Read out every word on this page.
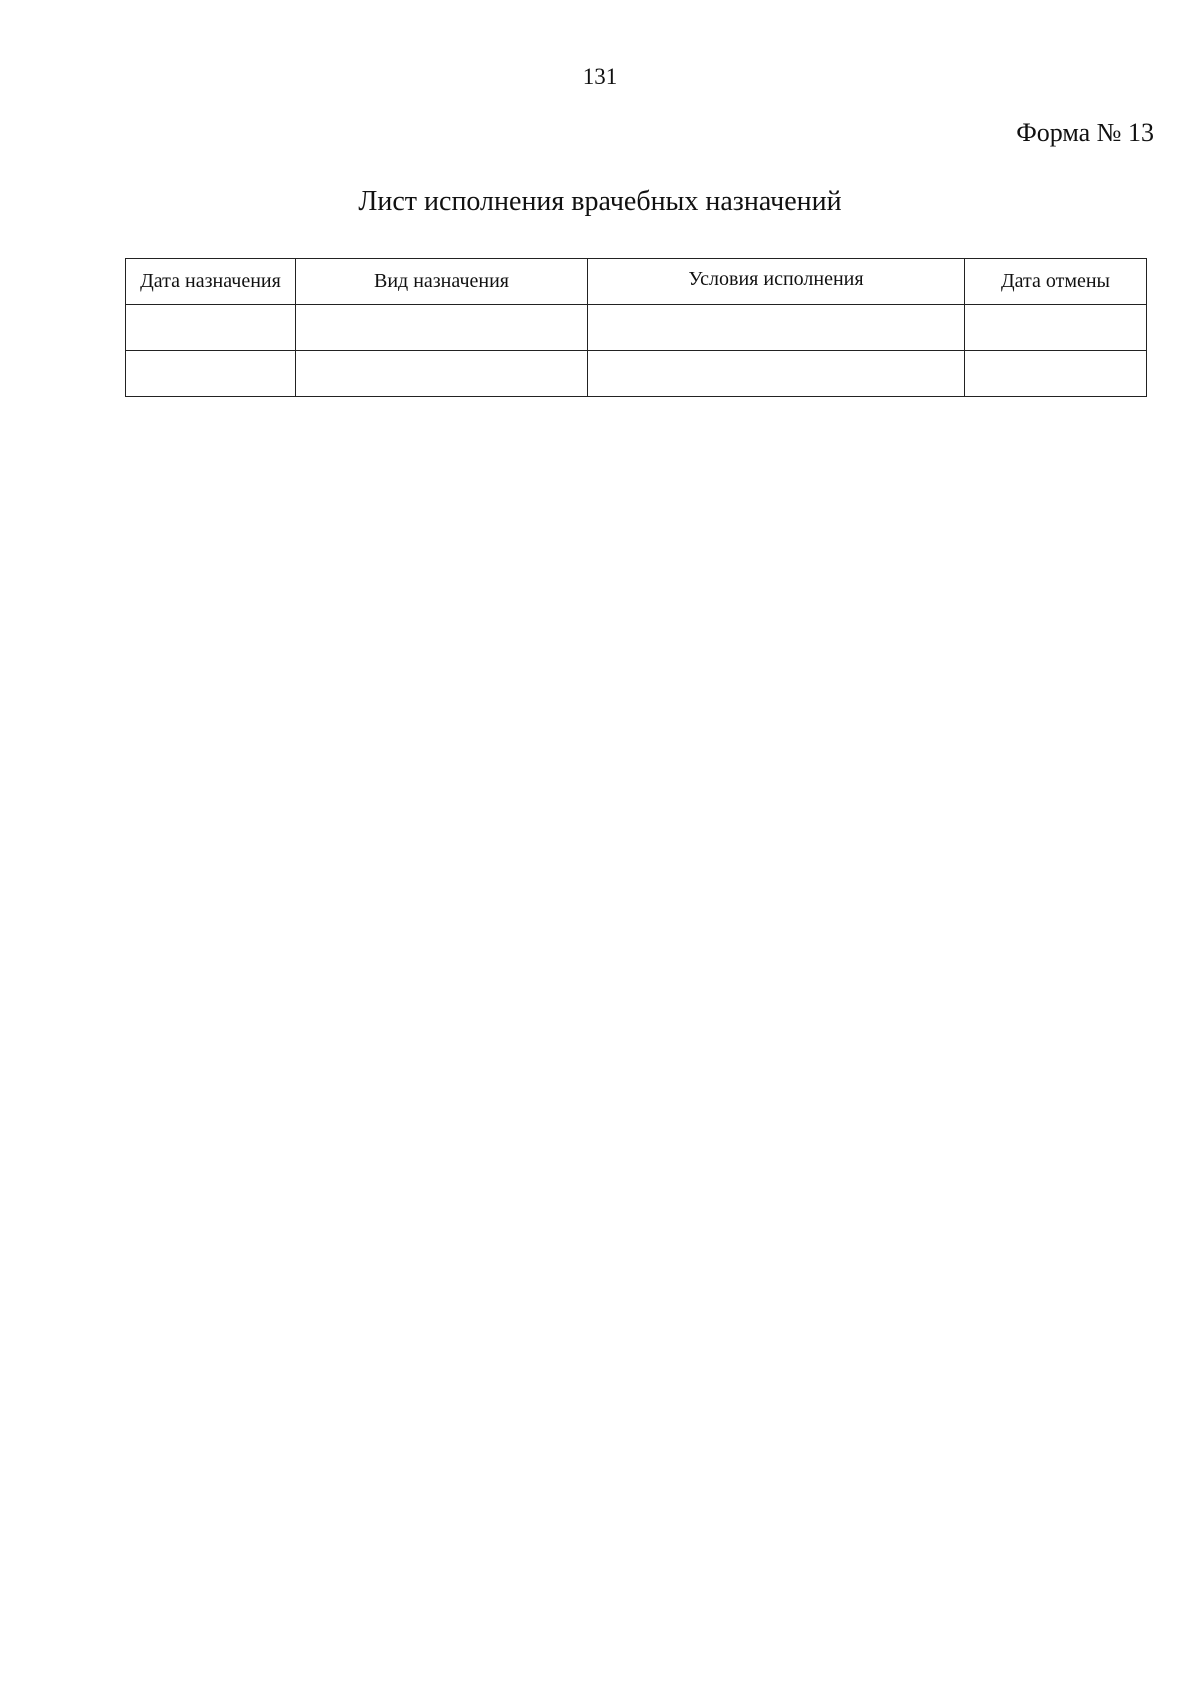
131
Форма № 13
Лист исполнения врачебных назначений
Дата назначения	Вид назначения	Условия исполнения	Дата отмены
